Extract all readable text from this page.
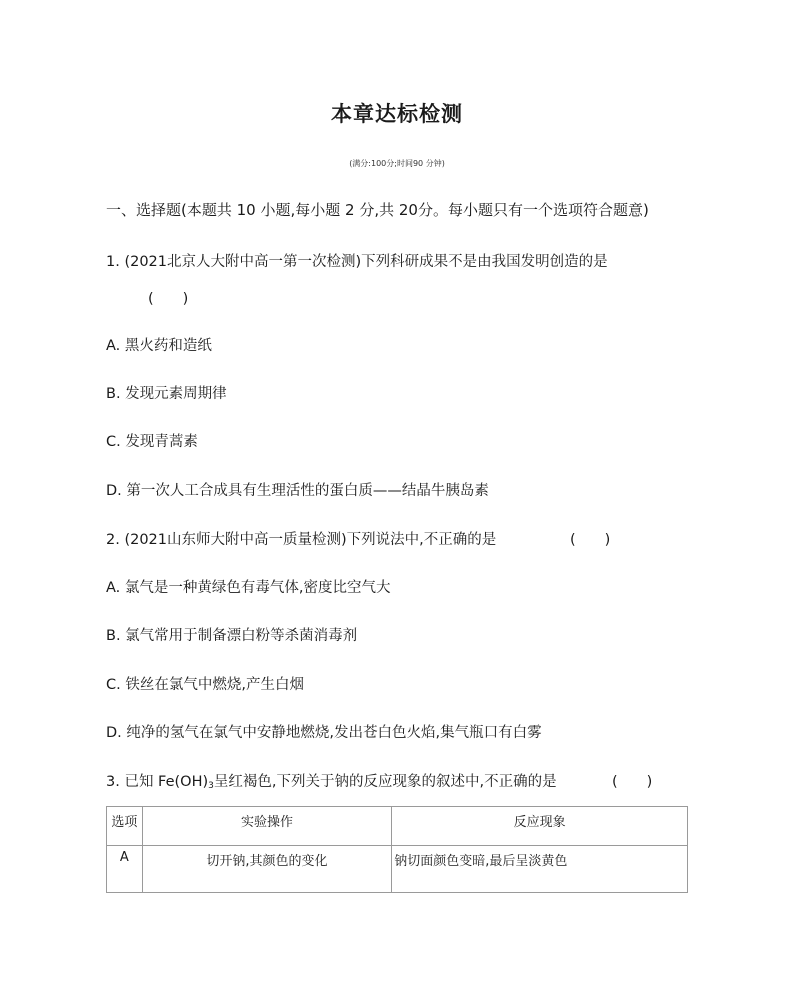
本章达标检测
(满分:100分;时间90 分钟)
一、选择题(本题共 10 小题,每小题 2 分,共 20分。每小题只有一个选项符合题意)
1. (2021北京人大附中高一第一次检测)下列科研成果不是由我国发明创造的是
(　　)
A. 黑火药和造纸
B. 发现元素周期律
C. 发现青蒿素
D. 第一次人工合成具有生理活性的蛋白质——结晶牛胰岛素
2. (2021山东师大附中高一质量检测)下列说法中,不正确的是	(　　)
A. 氯气是一种黄绿色有毒气体,密度比空气大
B. 氯气常用于制备漂白粉等杀菌消毒剂
C. 铁丝在氯气中燃烧,产生白烟
D. 纯净的氢气在氯气中安静地燃烧,发出苍白色火焰,集气瓶口有白雾
3. 已知 $Fe(OH)_3$呈红褐色,下列关于钠的反应现象的叙述中,不正确的是	(　　)
选项	实验操作	反应现象
A	切开钠,其颜色的变化	钠切面颜色变暗,最后呈淡黄色
